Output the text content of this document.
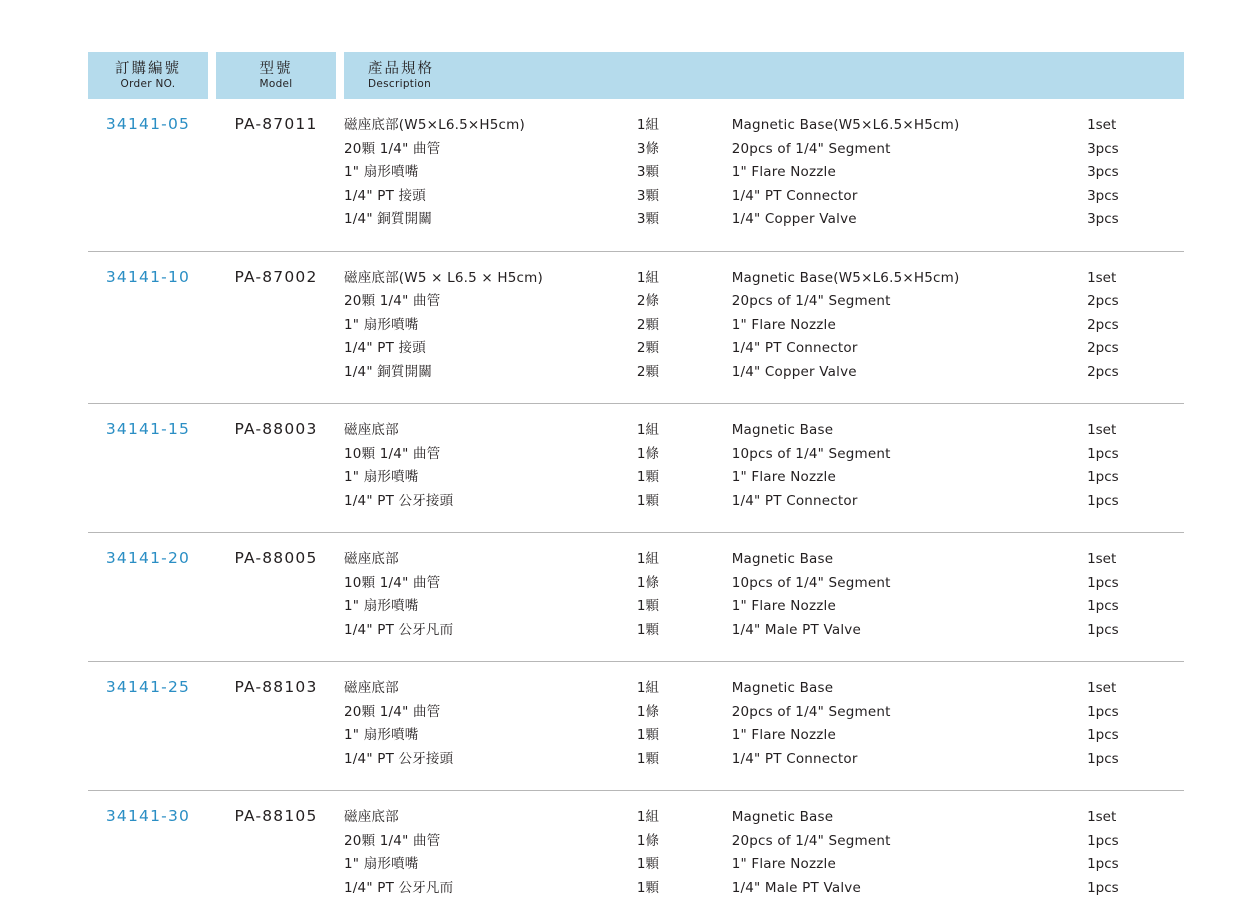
訂購編號
Order NO.

型號
Model

產品規格
Description

34141-05		PA-87011		磁座底部(W5×L6.5×H5cm)	1組	Magnetic Base(W5×L6.5×H5cm)	1set
20顆 1/4" 曲管	3條	20pcs of 1/4" Segment	3pcs
1" 扇形噴嘴	3顆	1" Flare Nozzle	3pcs
1/4" PT 接頭	3顆	1/4" PT Connector	3pcs
1/4" 銅質開關	3顆	1/4" Copper Valve	3pcs

34141-10		PA-87002		磁座底部(W5 × L6.5 × H5cm)	1組	Magnetic Base(W5×L6.5×H5cm)	1set
20顆 1/4" 曲管	2條	20pcs of 1/4" Segment	2pcs
1" 扇形噴嘴	2顆	1" Flare Nozzle	2pcs
1/4" PT 接頭	2顆	1/4" PT Connector	2pcs
1/4" 銅質開關	2顆	1/4" Copper Valve	2pcs

34141-15		PA-88003		磁座底部	1組	Magnetic Base	1set
10顆 1/4" 曲管	1條	10pcs of 1/4" Segment	1pcs
1" 扇形噴嘴	1顆	1" Flare Nozzle	1pcs
1/4" PT 公牙接頭	1顆	1/4" PT Connector	1pcs

34141-20		PA-88005		磁座底部	1組	Magnetic Base	1set
10顆 1/4" 曲管	1條	10pcs of 1/4" Segment	1pcs
1" 扇形噴嘴	1顆	1" Flare Nozzle	1pcs
1/4" PT 公牙凡而	1顆	1/4" Male PT Valve	1pcs

34141-25		PA-88103		磁座底部	1組	Magnetic Base	1set
20顆 1/4" 曲管	1條	20pcs of 1/4" Segment	1pcs
1" 扇形噴嘴	1顆	1" Flare Nozzle	1pcs
1/4" PT 公牙接頭	1顆	1/4" PT Connector	1pcs

34141-30		PA-88105		磁座底部	1組	Magnetic Base	1set
20顆 1/4" 曲管	1條	20pcs of 1/4" Segment	1pcs
1" 扇形噴嘴	1顆	1" Flare Nozzle	1pcs
1/4" PT 公牙凡而	1顆	1/4" Male PT Valve	1pcs
